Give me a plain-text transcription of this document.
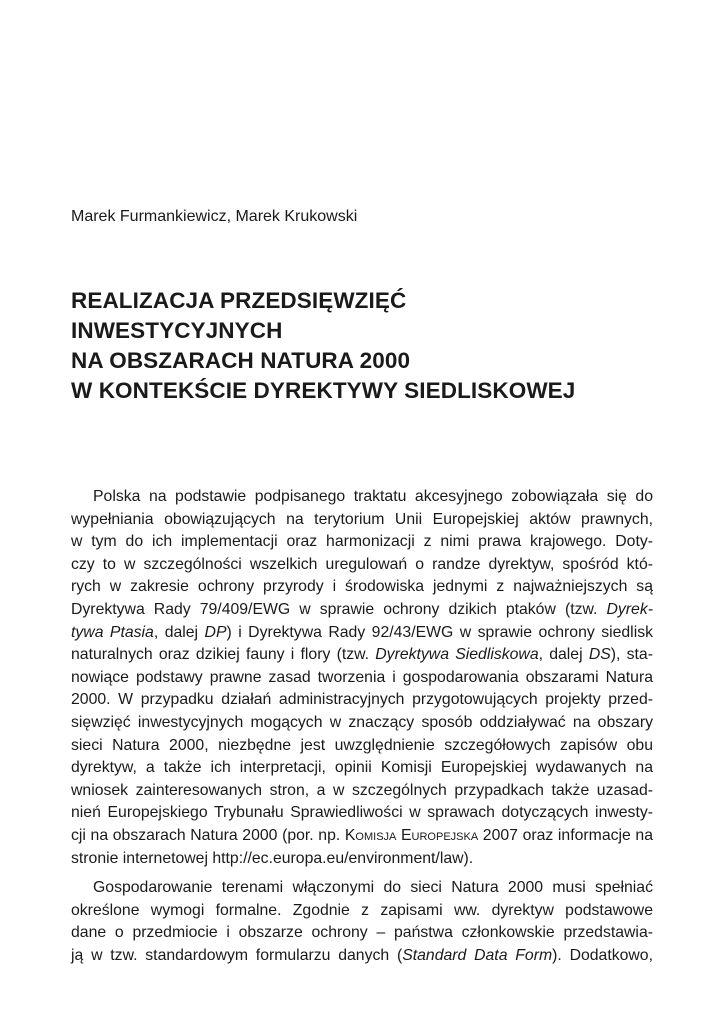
Marek Furmankiewicz, Marek Krukowski
REALIZACJA PRZEDSIĘWZIĘĆ
INWESTYCYJNYCH
NA OBSZARACH NATURA 2000
W KONTEKŚCIE DYREKTYWY SIEDLISKOWEJ
Polska na podstawie podpisanego traktatu akcesyjnego zobowiązała się do
wypełniania obowiązujących na terytorium Unii Europejskiej aktów prawnych,
w tym do ich implementacji oraz harmonizacji z nimi prawa krajowego. Doty-
czy to w szczególności wszelkich uregulowań o randze dyrektyw, spośród któ-
rych w zakresie ochrony przyrody i środowiska jednymi z najważniejszych są
Dyrektywa Rady 79/409/EWG w sprawie ochrony dzikich ptaków (tzw. Dyrek-
tywa Ptasia, dalej DP) i Dyrektywa Rady 92/43/EWG w sprawie ochrony siedlisk
naturalnych oraz dzikiej fauny i flory (tzw. Dyrektywa Siedliskowa, dalej DS), sta-
nowiące podstawy prawne zasad tworzenia i gospodarowania obszarami Natura
2000. W przypadku działań administracyjnych przygotowujących projekty przed-
sięwzięć inwestycyjnych mogących w znaczący sposób oddziaływać na obszary
sieci Natura 2000, niezbędne jest uwzględnienie szczegółowych zapisów obu
dyrektyw, a także ich interpretacji, opinii Komisji Europejskiej wydawanych na
wniosek zainteresowanych stron, a w szczególnych przypadkach także uzasad-
nień Europejskiego Trybunału Sprawiedliwości w sprawach dotyczących inwesty-
cji na obszarach Natura 2000 (por. np. Komisja Europejska 2007 oraz informacje na
stronie internetowej http://ec.europa.eu/environment/law).
Gospodarowanie terenami włączonymi do sieci Natura 2000 musi spełniać
określone wymogi formalne. Zgodnie z zapisami ww. dyrektyw podstawowe
dane o przedmiocie i obszarze ochrony – państwa członkowskie przedstawia-
ją w tzw. standardowym formularzu danych (Standard Data Form). Dodatkowo,
